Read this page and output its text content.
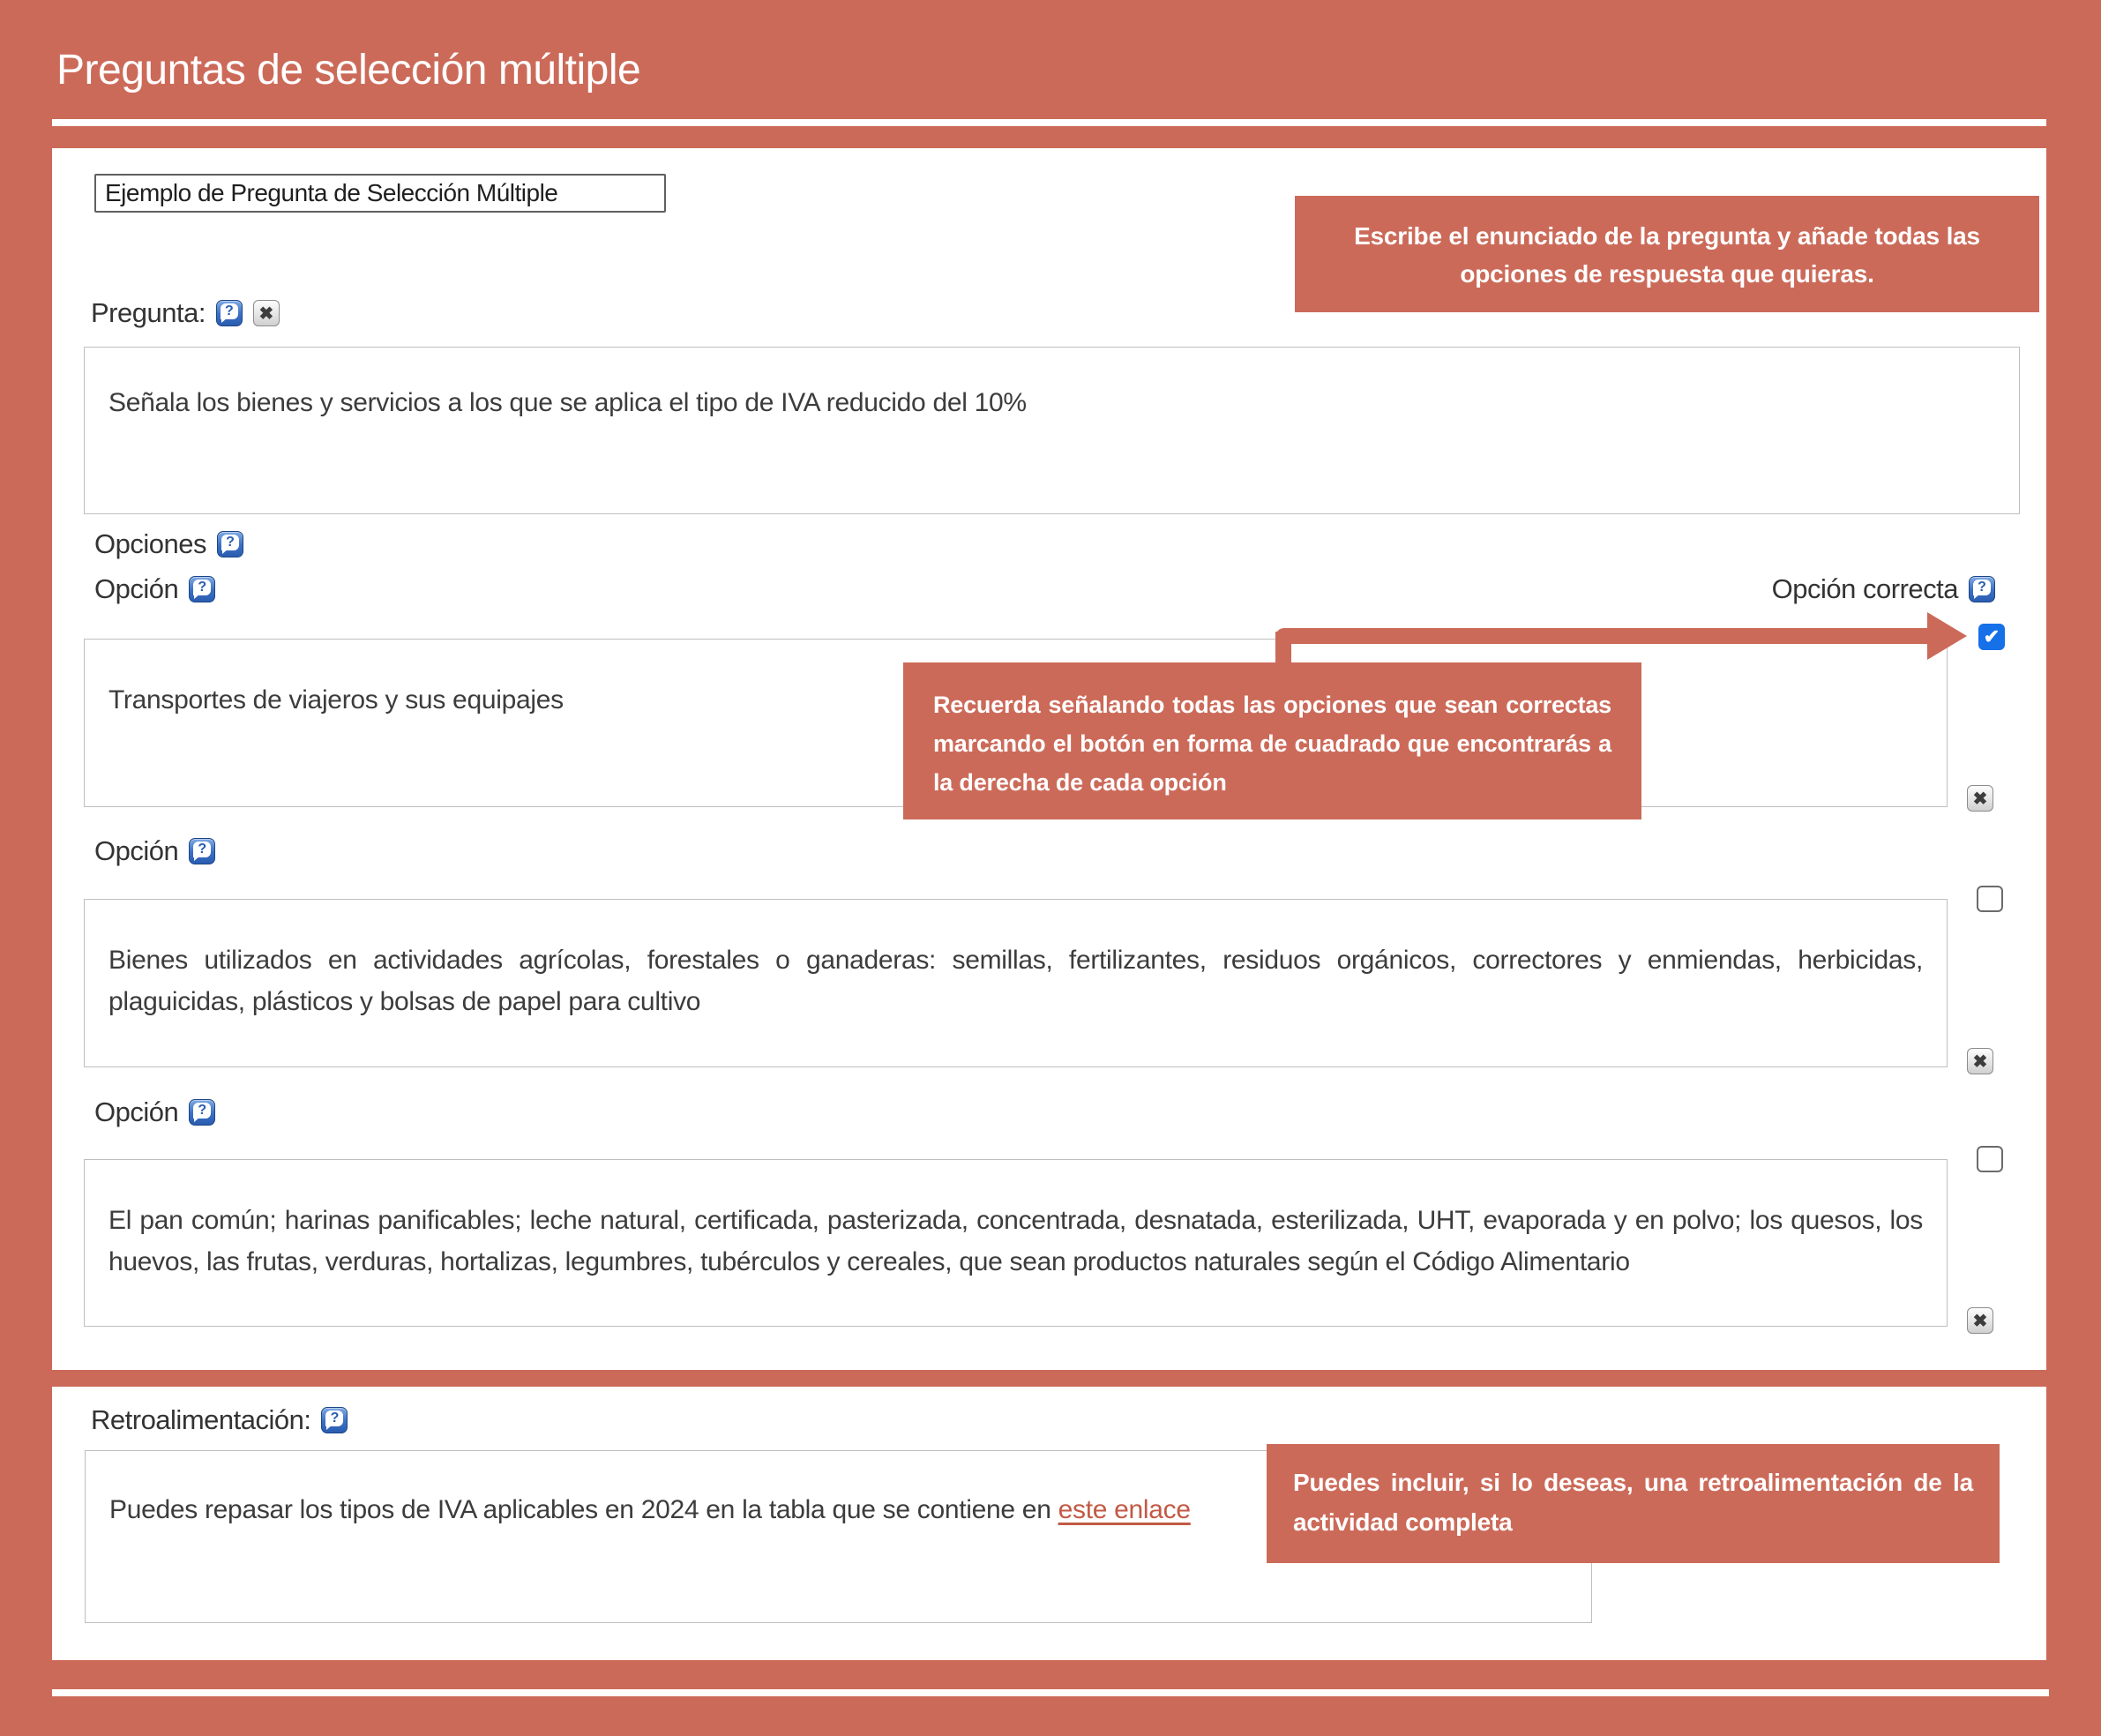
Preguntas de selección múltiple
Ejemplo de Pregunta de Selección Múltiple
Escribe el enunciado de la pregunta y añade todas las opciones de respuesta que quieras.
Pregunta:	?	✖
Señala los bienes y servicios a los que se aplica el tipo de IVA reducido del 10%
Opciones	?
Opción	?	Opción correcta	?
Transportes de viajeros y sus equipajes
✔
✖
Recuerda señalando todas las opciones que sean correctas marcando el botón en forma de cuadrado que encontrarás a la derecha de cada opción
Opción	?
Bienes utilizados en actividades agrícolas, forestales o ganaderas: semillas, fertilizantes, residuos orgánicos, correctores y enmiendas, herbicidas, plaguicidas, plásticos y bolsas de papel para cultivo
✖
Opción	?
El pan común; harinas panificables; leche natural, certificada, pasterizada, concentrada, desnatada, esterilizada, UHT, evaporada y en polvo; los quesos, los huevos, las frutas, verduras, hortalizas, legumbres, tubérculos y cereales, que sean productos naturales según el Código Alimentario
✖
Retroalimentación:	?
Puedes repasar los tipos de IVA aplicables en 2024 en la tabla que se contiene en este enlace
Puedes incluir, si lo deseas, una retroalimentación de la actividad completa
